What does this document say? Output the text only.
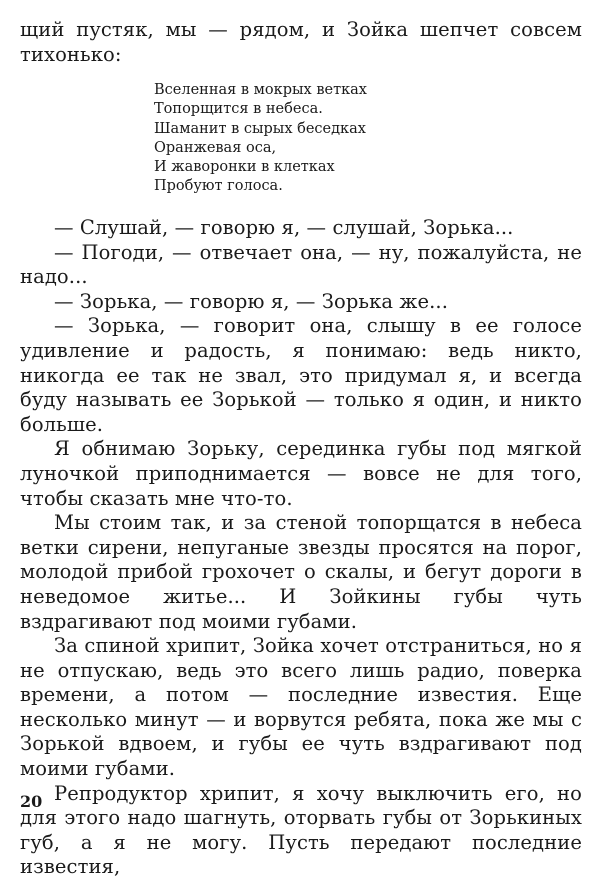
щий пустяк, мы — рядом, и Зойка шепчет совсем тихонько:

Вселенная в мокрых ветках
Топорщится в небеса.
Шаманит в сырых беседках
Оранжевая оса,
И жаворонки в клетках
Пробуют голоса.

— Слушай, — говорю я, — слушай, Зорька...

— Погоди, — отвечает она, — ну, пожалуйста, не надо...

— Зорька, — говорю я, — Зорька же...

— Зорька, — говорит она, слышу в ее голосе удивление и радость, я понимаю: ведь никто, никогда ее так не звал, это придумал я, и всегда буду называть ее Зорькой — только я один, и никто больше.

Я обнимаю Зорьку, серединка губы под мягкой луночкой приподнимается — вовсе не для того, чтобы сказать мне что-то.

Мы стоим так, и за стеной топорщатся в небеса ветки сирени, непуганые звезды просятся на порог, молодой прибой грохочет о скалы, и бегут дороги в неведомое житье... И Зойкины губы чуть вздрагивают под моими губами.

За спиной хрипит, Зойка хочет отстраниться, но я не отпускаю, ведь это всего лишь радио, поверка времени, а потом — последние известия. Еще несколько минут — и ворвутся ребята, пока же мы с Зорькой вдвоем, и губы ее чуть вздрагивают под моими губами.

Репродуктор хрипит, я хочу выключить его, но для этого надо шагнуть, оторвать губы от Зорькиных губ, а я не могу. Пусть передают последние известия,

20
